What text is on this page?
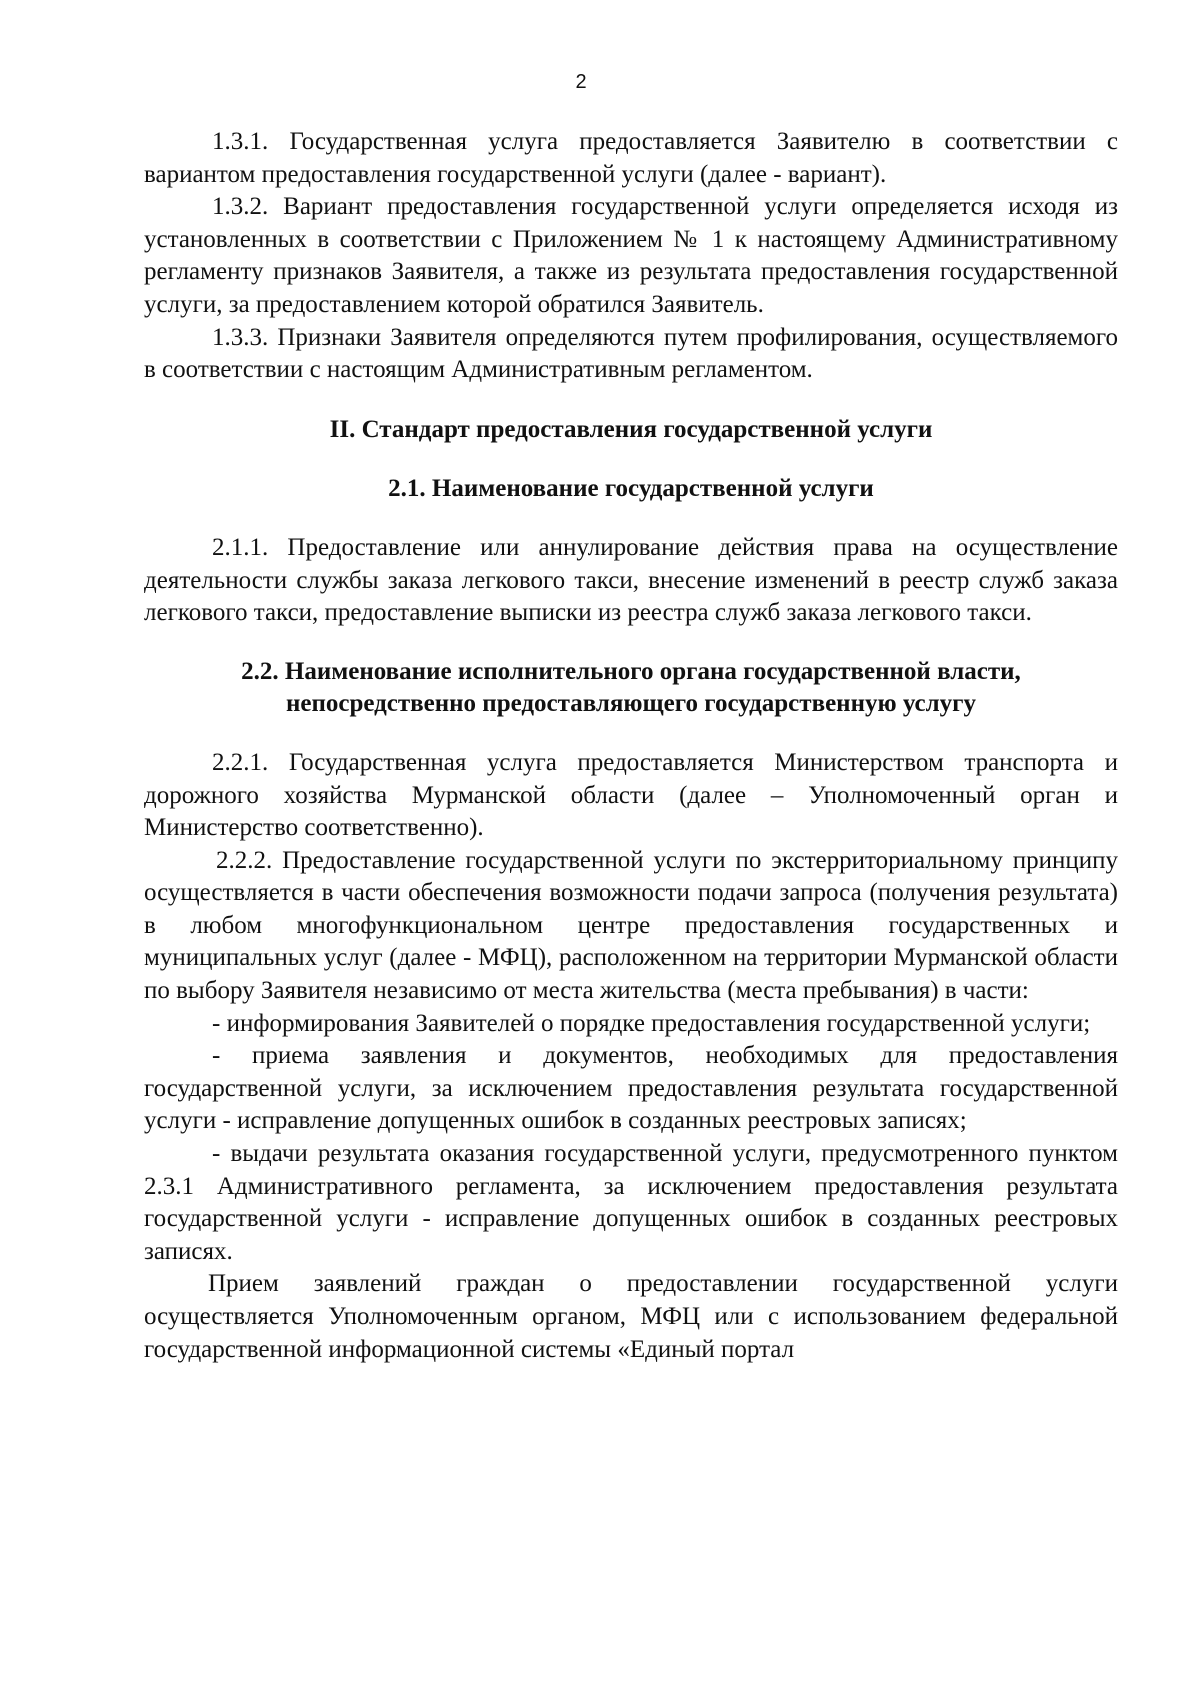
2

1.3.1. Государственная услуга предоставляется Заявителю в соответствии с вариантом предоставления государственной услуги (далее - вариант).

1.3.2. Вариант предоставления государственной услуги определяется исходя из установленных в соответствии с Приложением № 1 к настоящему Административному регламенту признаков Заявителя, а также из результата предоставления государственной услуги, за предоставлением которой обратился Заявитель.

1.3.3. Признаки Заявителя определяются путем профилирования, осуществляемого в соответствии с настоящим Административным регламентом.

II. Стандарт предоставления государственной услуги

2.1. Наименование государственной услуги

2.1.1. Предоставление или аннулирование действия права на осуществление деятельности службы заказа легкового такси, внесение изменений в реестр служб заказа легкового такси, предоставление выписки из реестра служб заказа легкового такси.

2.2. Наименование исполнительного органа государственной власти,

непосредственно предоставляющего государственную услугу

2.2.1. Государственная услуга предоставляется Министерством транспорта и дорожного хозяйства Мурманской области (далее – Уполномоченный орган и Министерство соответственно).

2.2.2. Предоставление государственной услуги по экстерриториальному принципу осуществляется в части обеспечения возможности подачи запроса (получения результата) в любом многофункциональном центре предоставления государственных и муниципальных услуг (далее - МФЦ), расположенном на территории Мурманской области по выбору Заявителя независимо от места жительства (места пребывания) в части:

- информирования Заявителей о порядке предоставления государственной услуги;

- приема заявления и документов, необходимых для предоставления государственной услуги, за исключением предоставления результата государственной услуги - исправление допущенных ошибок в созданных реестровых записях;

- выдачи результата оказания государственной услуги, предусмотренного пунктом 2.3.1 Административного регламента, за исключением предоставления результата государственной услуги - исправление допущенных ошибок в созданных реестровых записях.

Прием заявлений граждан о предоставлении государственной услуги осуществляется Уполномоченным органом, МФЦ или с использованием федеральной государственной информационной системы «Единый портал
